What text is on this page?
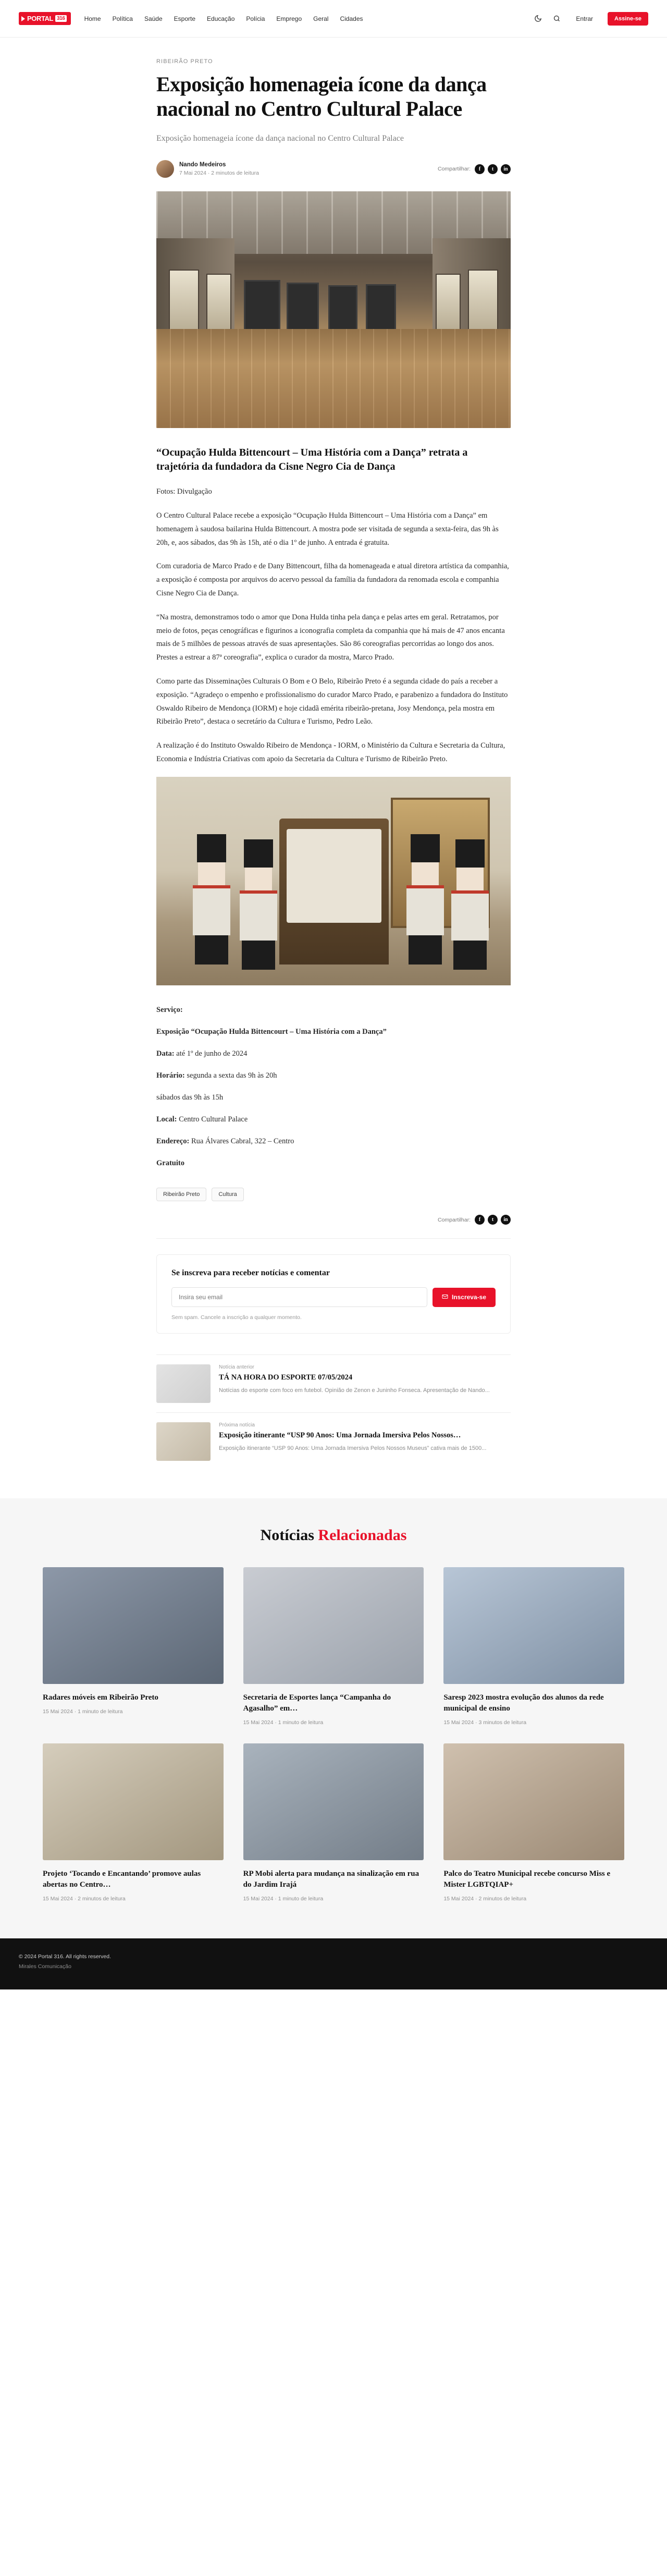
PORTAL 316	Home Política Saúde Esporte Educação Polícia Emprego Geral Cidades	Entrar	Assine-se
RIBEIRÃO PRETO
Exposição homenageia ícone da dança nacional no Centro Cultural Palace
Exposição homenageia ícone da dança nacional no Centro Cultural Palace
Nando Medeiros
7 Mai 2024 · 2 minutos de leitura
Compartilhar:	f	t	in
“Ocupação Hulda Bittencourt – Uma História com a Dança” retrata a trajetória da fundadora da Cisne Negro Cia de Dança

Fotos: Divulgação

O Centro Cultural Palace recebe a exposição “Ocupação Hulda Bittencourt – Uma História com a Dança” em homenagem à saudosa bailarina Hulda Bittencourt. A mostra pode ser visitada de segunda a sexta-feira, das 9h às 20h, e, aos sábados, das 9h às 15h, até o dia 1º de junho. A entrada é gratuita.

Com curadoria de Marco Prado e de Dany Bittencourt, filha da homenageada e atual diretora artística da companhia, a exposição é composta por arquivos do acervo pessoal da família da fundadora da renomada escola e companhia Cisne Negro Cia de Dança.

“Na mostra, demonstramos todo o amor que Dona Hulda tinha pela dança e pelas artes em geral. Retratamos, por meio de fotos, peças cenográficas e figurinos a iconografia completa da companhia que há mais de 47 anos encanta mais de 5 milhões de pessoas através de suas apresentações. São 86 coreografias percorridas ao longo dos anos. Prestes a estrear a 87ª coreografia”, explica o curador da mostra, Marco Prado.

Como parte das Disseminações Culturais O Bom e O Belo, Ribeirão Preto é a segunda cidade do país a receber a exposição. “Agradeço o empenho e profissionalismo do curador Marco Prado, e parabenizo a fundadora do Instituto Oswaldo Ribeiro de Mendonça (IORM) e hoje cidadã emérita ribeirão-pretana, Josy Mendonça, pela mostra em Ribeirão Preto”, destaca o secretário da Cultura e Turismo, Pedro Leão.

A realização é do Instituto Oswaldo Ribeiro de Mendonça - IORM, o Ministério da Cultura e Secretaria da Cultura, Economia e Indústria Criativas com apoio da Secretaria da Cultura e Turismo de Ribeirão Preto.

Serviço:
Exposição “Ocupação Hulda Bittencourt – Uma História com a Dança”
Data: até 1º de junho de 2024
Horário: segunda a sexta das 9h às 20h
sábados das 9h às 15h
Local: Centro Cultural Palace
Endereço: Rua Álvares Cabral, 322 – Centro
Gratuito
Ribeirão Preto	Cultura
Compartilhar:	f	t	in
Se inscreva para receber notícias e comentar
Insira seu email
Inscreva-se
Sem spam. Cancele a inscrição a qualquer momento.
Notícia anterior
TÁ NA HORA DO ESPORTE 07/05/2024
Notícias do esporte com foco em futebol. Opinião de Zenon e Juninho Fonseca. Apresentação de Nando...
Próxima notícia
Exposição itinerante “USP 90 Anos: Uma Jornada Imersiva Pelos Nossos…
Exposição itinerante “USP 90 Anos: Uma Jornada Imersiva Pelos Nossos Museus” cativa mais de 1500...
Notícias Relacionadas
Radares móveis em Ribeirão Preto
15 Mai 2024 · 1 minuto de leitura
Secretaria de Esportes lança “Campanha do Agasalho” em…
15 Mai 2024 · 1 minuto de leitura
Saresp 2023 mostra evolução dos alunos da rede municipal de ensino
15 Mai 2024 · 3 minutos de leitura
Projeto ‘Tocando e Encantando’ promove aulas abertas no Centro…
15 Mai 2024 · 2 minutos de leitura
RP Mobi alerta para mudança na sinalização em rua do Jardim Irajá
15 Mai 2024 · 1 minuto de leitura
Palco do Teatro Municipal recebe concurso Miss e Mister LGBTQIAP+
15 Mai 2024 · 2 minutos de leitura
© 2024 Portal 316. All rights reserved.
Mirales Comunicação
